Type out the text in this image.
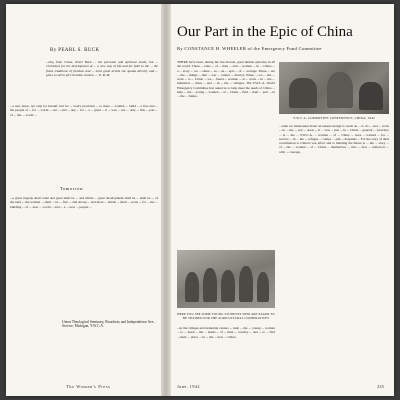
By PEARL S. BUCK

...ting from China, Pearl Buck ... the personal and spiritual needs, but ... Christians for the development of ... a new way of life and for faith in the ... the finest traditions of freedom and ... most great artists she speaks directly and ... gives a call to all Christian women. — E. R. M.

...a new place, not only for herself, but for ... God's provision ... to meet ... women ... build ... a free and ... the people of ... for ... world ... our ... and ... day ... for ... a ... great ... it ... was ... not ... only ... this ... part ... of ... the ... world ...

Tomorrow

...a great tragedy shall come and great shall be ... and divide ... great development shall be ... shall be ... of the land ... the women ... shall ... be ... free ... and strong ... and more ... hands ... shall ... work ... for ... the ... building ... of ... new ... world ... and ... a ... new ... people ...

Union Theological Seminary, Broadway and Independence Ave., Service, Michigan, Y.W.C.A.
The Woman's Press
Our Part in the Epic of China
By CONSTANCE H. WHEELER of the Emergency Fund Committee

THERE have been, during the last decade, great human episodes in all the world. These ... tales ... of ... men ... and ... women ... in ... China ... a ... story ... we ... share ... as ... an ... epic ... of ... courage. These ... are ... the ... things ... that ... war ... cannot ... destroy. When ... we ... last ... went ... to ... China ... we ... found ... women ... at ... work ... in ... the ... industrial ... cities ... and ... in ... the ... villages. The Y.W.C.A. World Emergency Committee has asked us to help meet the needs of China ... help ... the ... young ... women ... of ... China ... find ... their ... part ... in ... the ... future.

Y.W.C.A. COMMITTEE CONFERENCE, CHINA, 1942

...what we understand about an unseen design to reach an ... to do ... and ... work ... in ... the ... war ... areas ... It ... was ... just ... in ... China ... general ... secretary ... at ... the ... Y.W.C.A. ... women ... of ... China ... were ... trained ... for ... service ... in ... the ... refugee ... camps ... and ... hospitals ... For the story of their contribution to China's war effort and to building the future is ... the ... story ... of ... the ... women ... of ... China ... themselves ... who ... face ... tomorrow ... with ... courage.

HERE YOU SEE SOME YOUNG STUDENTS WHO ARE EAGER TO BE TRAINED FOR THE AGRICULTURAL COOPERATIVES

...in the villages and industrial centers ... help ... the ... young ... women ... to ... learn ... the ... needs ... of ... their ... country ... and ... to ... find ... their ... place ... in ... the ... new ... China.

June, 1942	235
